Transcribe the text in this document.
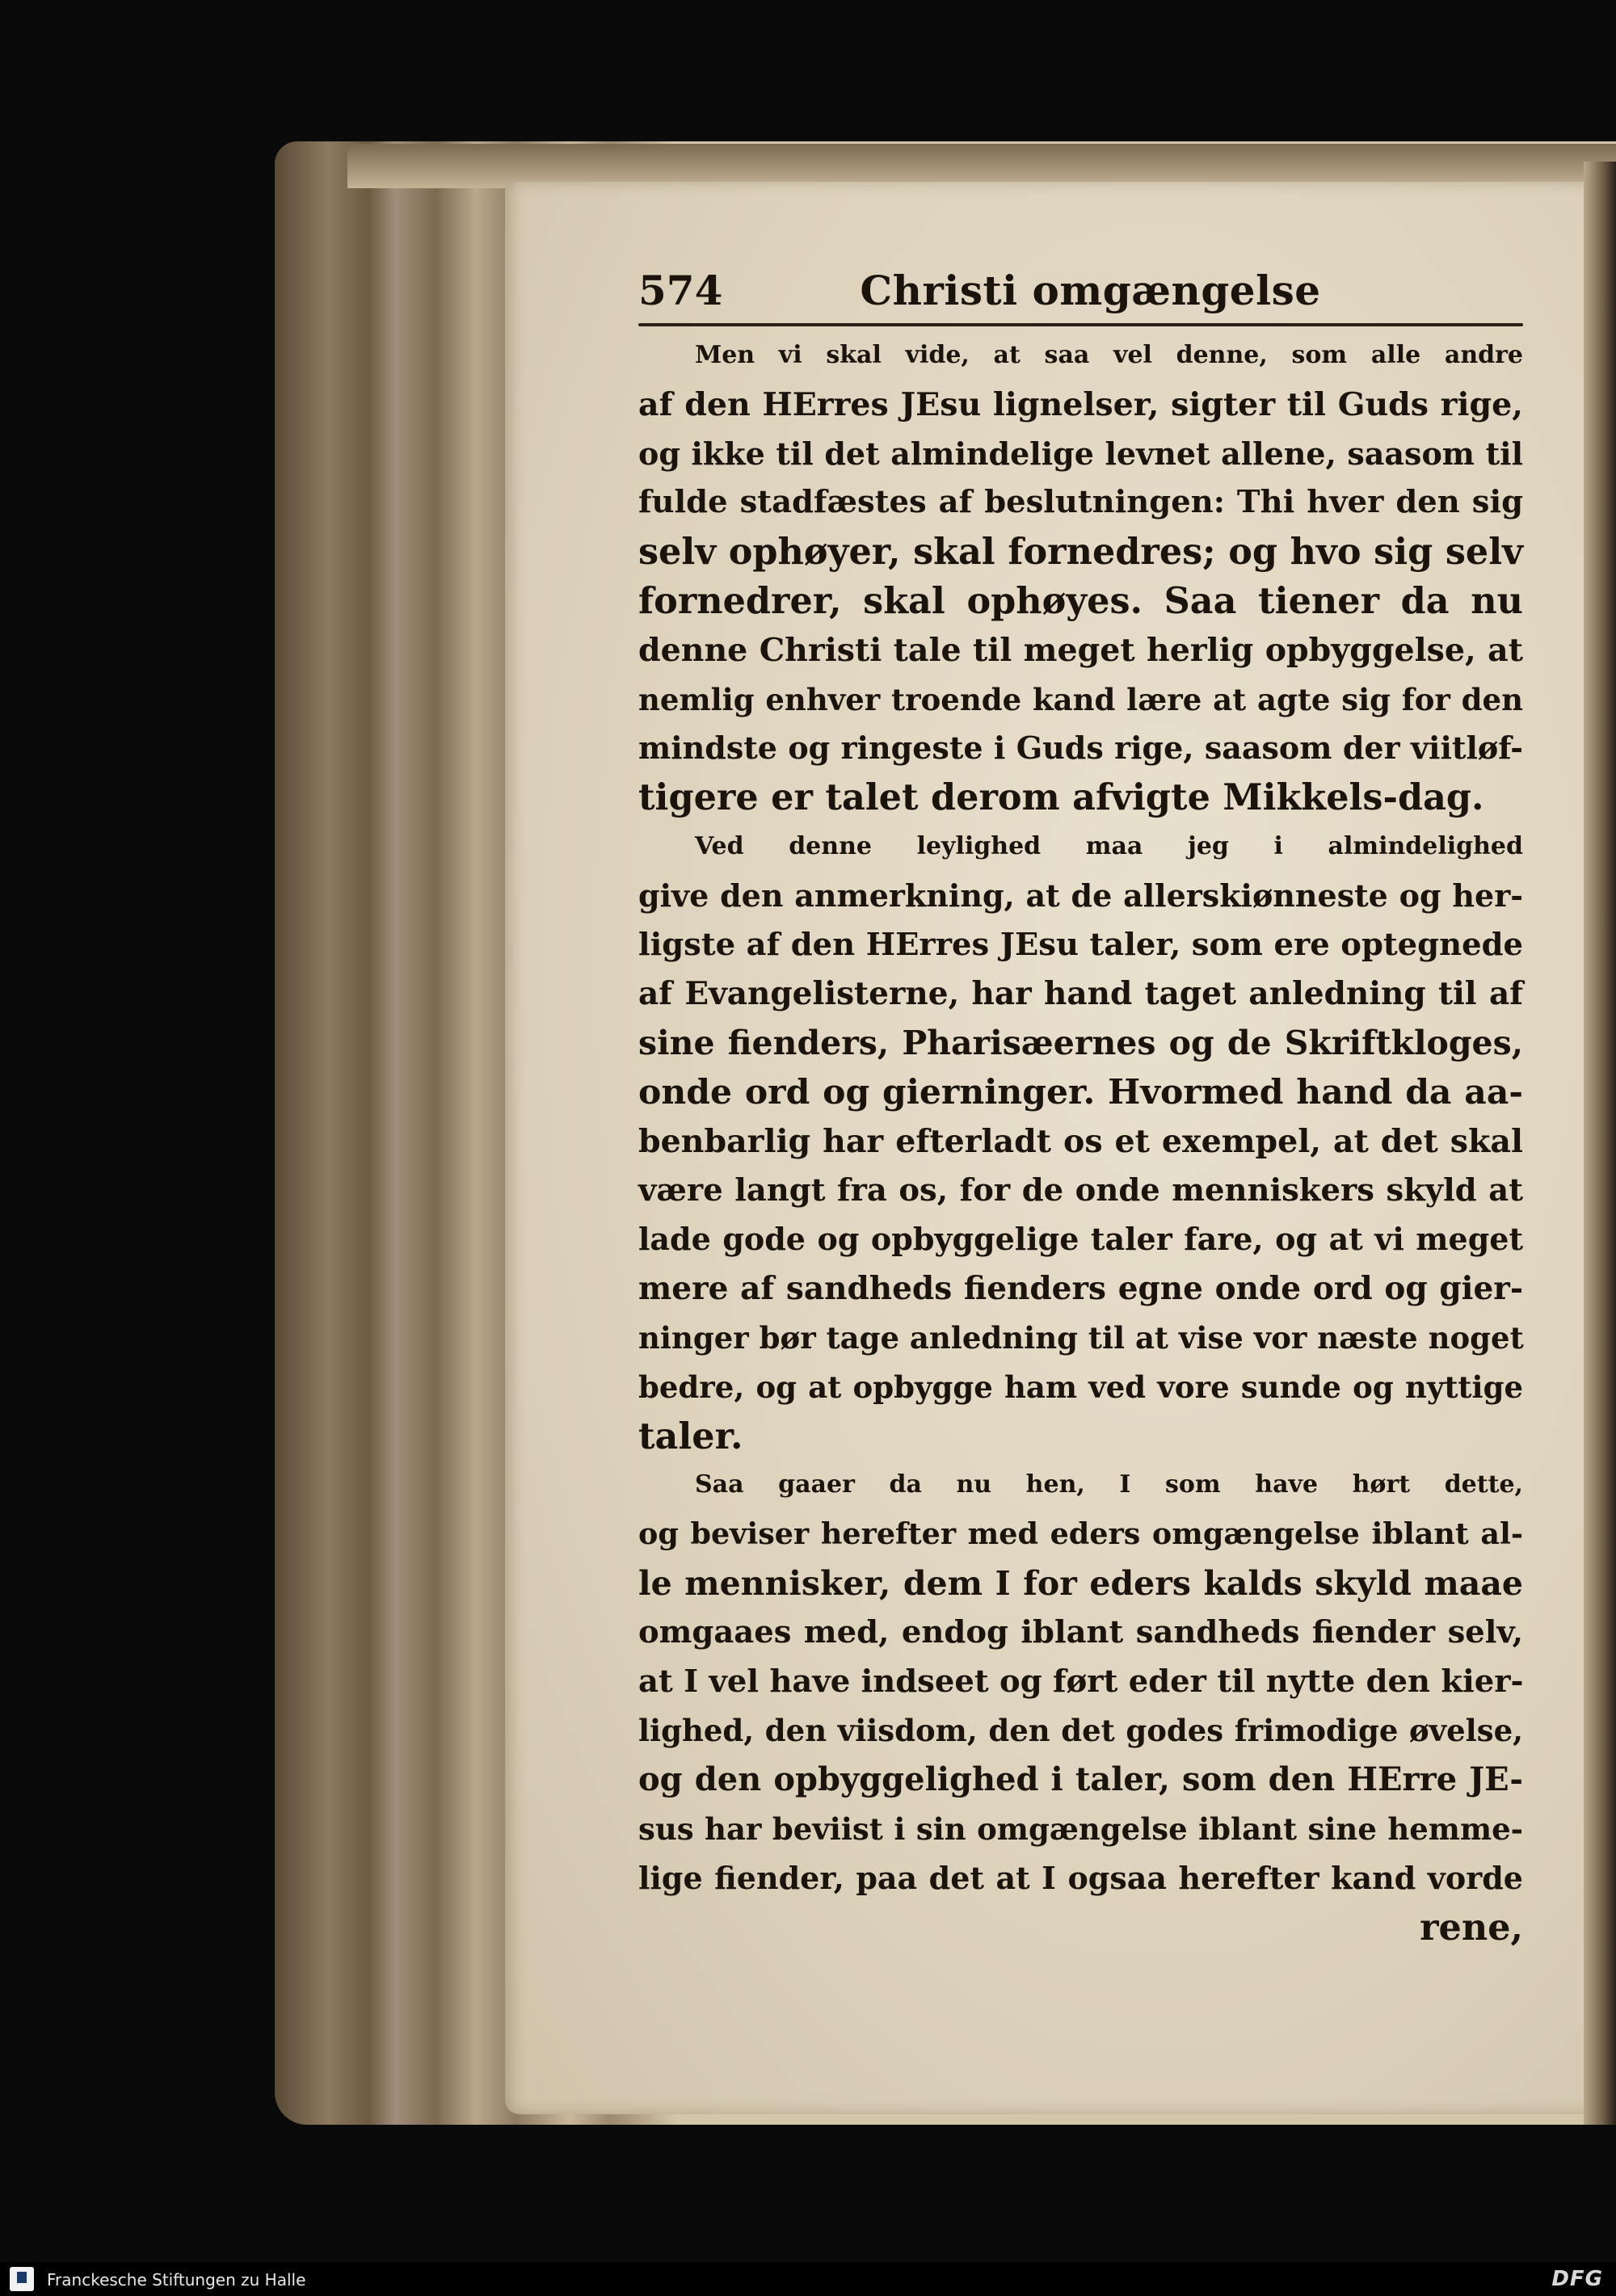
574	Christi omgængelse

Men vi skal vide, at saa vel denne, som alle andre
af den HErres JEsu lignelser, sigter til Guds rige,
og ikke til det almindelige levnet allene, saasom til
fulde stadfæstes af beslutningen: Thi hver den sig
selv ophøyer, skal fornedres; og hvo sig selv
fornedrer, skal ophøyes. Saa tiener da nu
denne Christi tale til meget herlig opbyggelse, at
nemlig enhver troende kand lære at agte sig for den
mindste og ringeste i Guds rige, saasom der viitløf-
tigere er talet derom afvigte Mikkels-dag.

Ved denne leylighed maa jeg i almindelighed
give den anmerkning, at de allerskiønneste og her-
ligste af den HErres JEsu taler, som ere optegnede
af Evangelisterne, har hand taget anledning til af
sine fienders, Pharisæernes og de Skriftkloges,
onde ord og gierninger. Hvormed hand da aa-
benbarlig har efterladt os et exempel, at det skal
være langt fra os, for de onde menniskers skyld at
lade gode og opbyggelige taler fare, og at vi meget
mere af sandheds fienders egne onde ord og gier-
ninger bør tage anledning til at vise vor næste noget
bedre, og at opbygge ham ved vore sunde og nyttige
taler.

Saa gaaer da nu hen, I som have hørt dette,
og beviser herefter med eders omgængelse iblant al-
le mennisker, dem I for eders kalds skyld maae
omgaaes med, endog iblant sandheds fiender selv,
at I vel have indseet og ført eder til nytte den kier-
lighed, den viisdom, den det godes frimodige øvelse,
og den opbyggelighed i taler, som den HErre JE-
sus har beviist i sin omgængelse iblant sine hemme-
lige fiender, paa det at I ogsaa herefter kand vorde
rene,

Franckesche Stiftungen zu Halle	DFG
